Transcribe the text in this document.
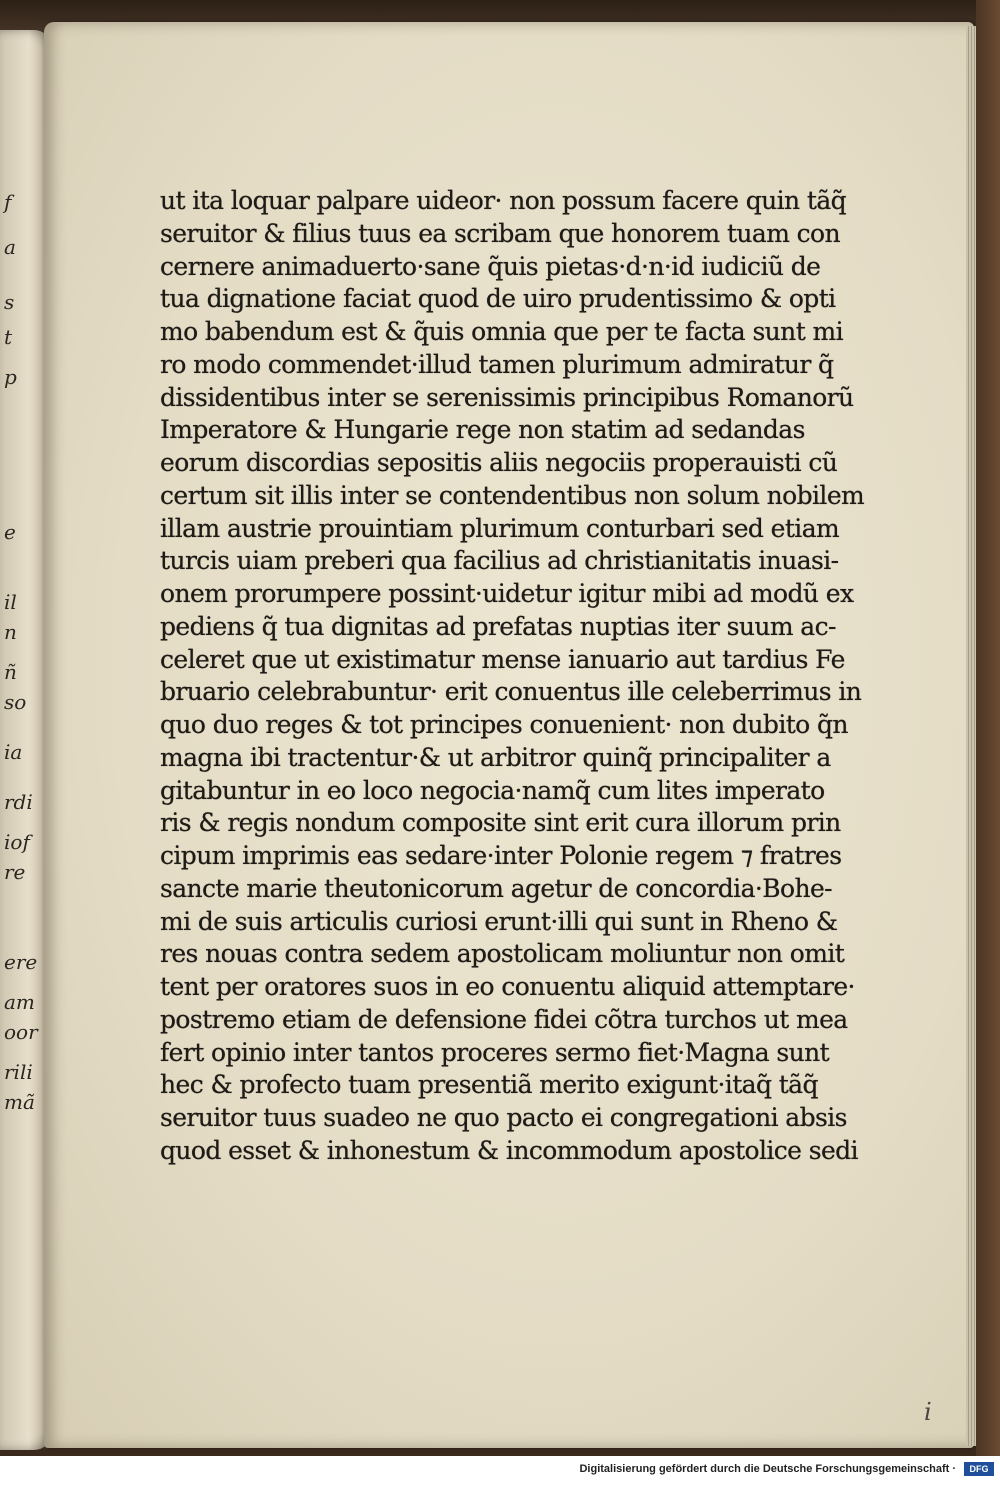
f
a
s
t
p
e
il
n
ñ
so
ia
rdi
iof
re
ere
am
oor
rili
mã
ut ita loquar palpare uideor· non possum facere quin tãq̃
seruitor & filius tuus ea scribam que honorem tuam con
cernere animaduerto·sane q̃uis pietas·d·n·id iudiciũ de
tua dignatione faciat quod de uiro prudentissimo & opti
mo babendum est & q̃uis omnia que per te facta sunt mi
ro modo commendet·illud tamen plurimum admiratur q̃
dissidentibus inter se serenissimis principibus Romanorũ
Imperatore & Hungarie rege non statim ad sedandas
eorum discordias sepositis aliis negociis properauisti cũ
certum sit illis inter se contendentibus non solum nobilem
illam austrie prouintiam plurimum conturbari sed etiam
turcis uiam preberi qua facilius ad christianitatis inuasi-
onem prorumpere possint·uidetur igitur mibi ad modũ ex
pediens q̃ tua dignitas ad prefatas nuptias iter suum ac-
celeret que ut existimatur mense ianuario aut tardius Fe
bruario celebrabuntur· erit conuentus ille celeberrimus in
quo duo reges & tot principes conuenient· non dubito q̃n
magna ibi tractentur·& ut arbitror quinq̃ principaliter a
gitabuntur in eo loco negocia·namq̃ cum lites imperato
ris & regis nondum composite sint erit cura illorum prin
cipum imprimis eas sedare·inter Polonie regem ⁊ fratres
sancte marie theutonicorum agetur de concordia·Bohe-
mi de suis articulis curiosi erunt·illi qui sunt in Rheno &
res nouas contra sedem apostolicam moliuntur non omit
tent per oratores suos in eo conuentu aliquid attemptare·
postremo etiam de defensione fidei cõtra turchos ut mea
fert opinio inter tantos proceres sermo fiet·Magna sunt
hec & profecto tuam presentiã merito exigunt·itaq̃ tãq̃
seruitor tuus suadeo ne quo pacto ei congregationi absis
quod esset & inhonestum & incommodum apostolice sedi
i
Digitalisierung gefördert durch die Deutsche Forschungsgemeinschaft ·	DFG
